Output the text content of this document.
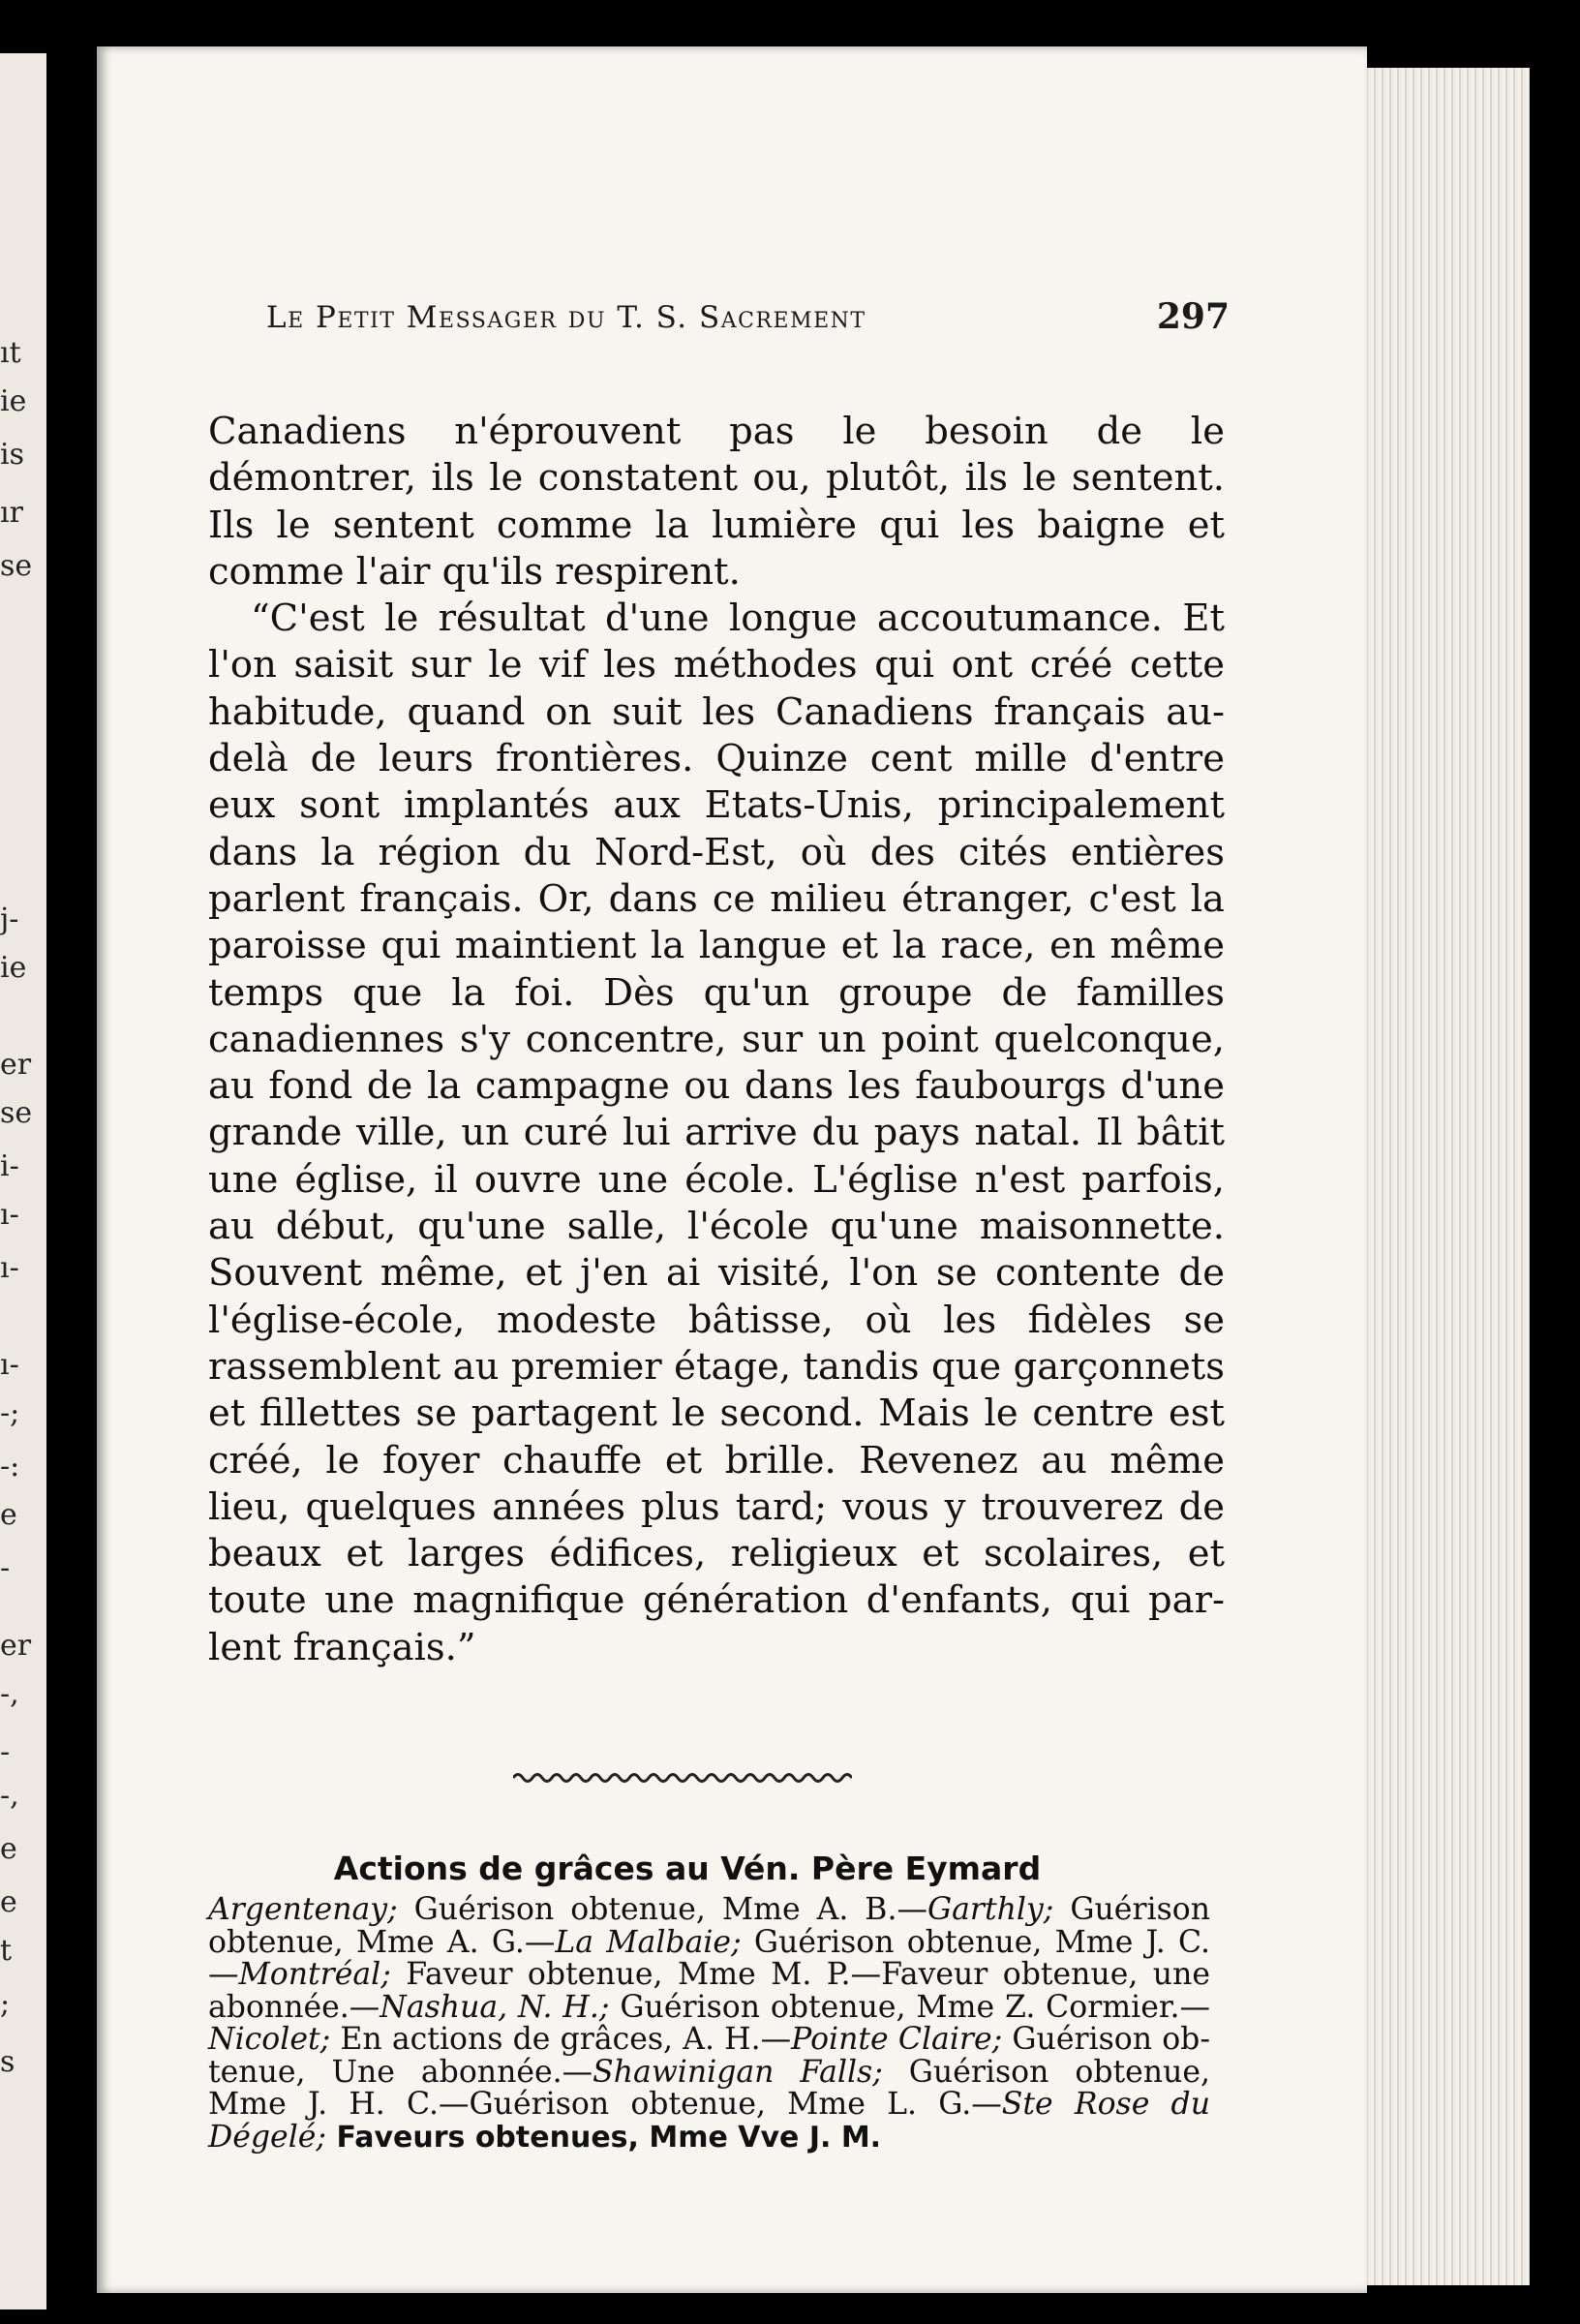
ıt
ie
is
ır
se
j-
ie
er
se
i-
ı-
ı-
ı-
-;
-:
e
-
er
-,
-
-,
e
e
t
;
s
Le Petit Messager du T. S. Sacrement	297

Canadiens n'éprouvent pas le besoin de le démontrer, ils le constatent ou, plutôt, ils le sentent. Ils le sentent comme la lumière qui les baigne et comme l'air qu'ils respirent.

“C'est le résultat d'une longue accoutumance. Et l'on saisit sur le vif les méthodes qui ont créé cette habitude, quand on suit les Canadiens français au-delà de leurs frontières. Quinze cent mille d'entre eux sont implantés aux Etats-Unis, principalement dans la région du Nord-Est, où des cités entières parlent français. Or, dans ce milieu étranger, c'est la paroisse qui maintient la langue et la race, en même temps que la foi. Dès qu'un groupe de familles canadiennes s'y concentre, sur un point quelconque, au fond de la campagne ou dans les faubourgs d'une grande ville, un curé lui arrive du pays natal. Il bâtit une église, il ouvre une école. L'église n'est parfois, au début, qu'une salle, l'école qu'une maisonnette. Souvent même, et j'en ai visité, l'on se contente de l'église-école, modeste bâtisse, où les fidèles se rassemblent au premier étage, tandis que garçonnets et fillettes se partagent le second. Mais le centre est créé, le foyer chauffe et brille. Revenez au même lieu, quelques années plus tard; vous y trouverez de beaux et larges édifices, religieux et scolaires, et toute une magnifique génération d'enfants, qui parlent français.”

Actions de grâces au Vén. Père Eymard
Argentenay; Guérison obtenue, Mme A. B.—Garthly; Guérison obtenue, Mme A. G.—La Malbaie; Guérison obtenue, Mme J. C.—Montréal; Faveur obtenue, Mme M. P.—Faveur obtenue, une abonnée.—Nashua, N. H.; Guérison obtenue, Mme Z. Cormier.—Nicolet; En actions de grâces, A. H.—Pointe Claire; Guérison obtenue, Une abonnée.—Shawinigan Falls; Guérison obtenue, Mme J. H. C.—Guérison obtenue, Mme L. G.—Ste Rose du Dégelé; Faveurs obtenues, Mme Vve J. M.
